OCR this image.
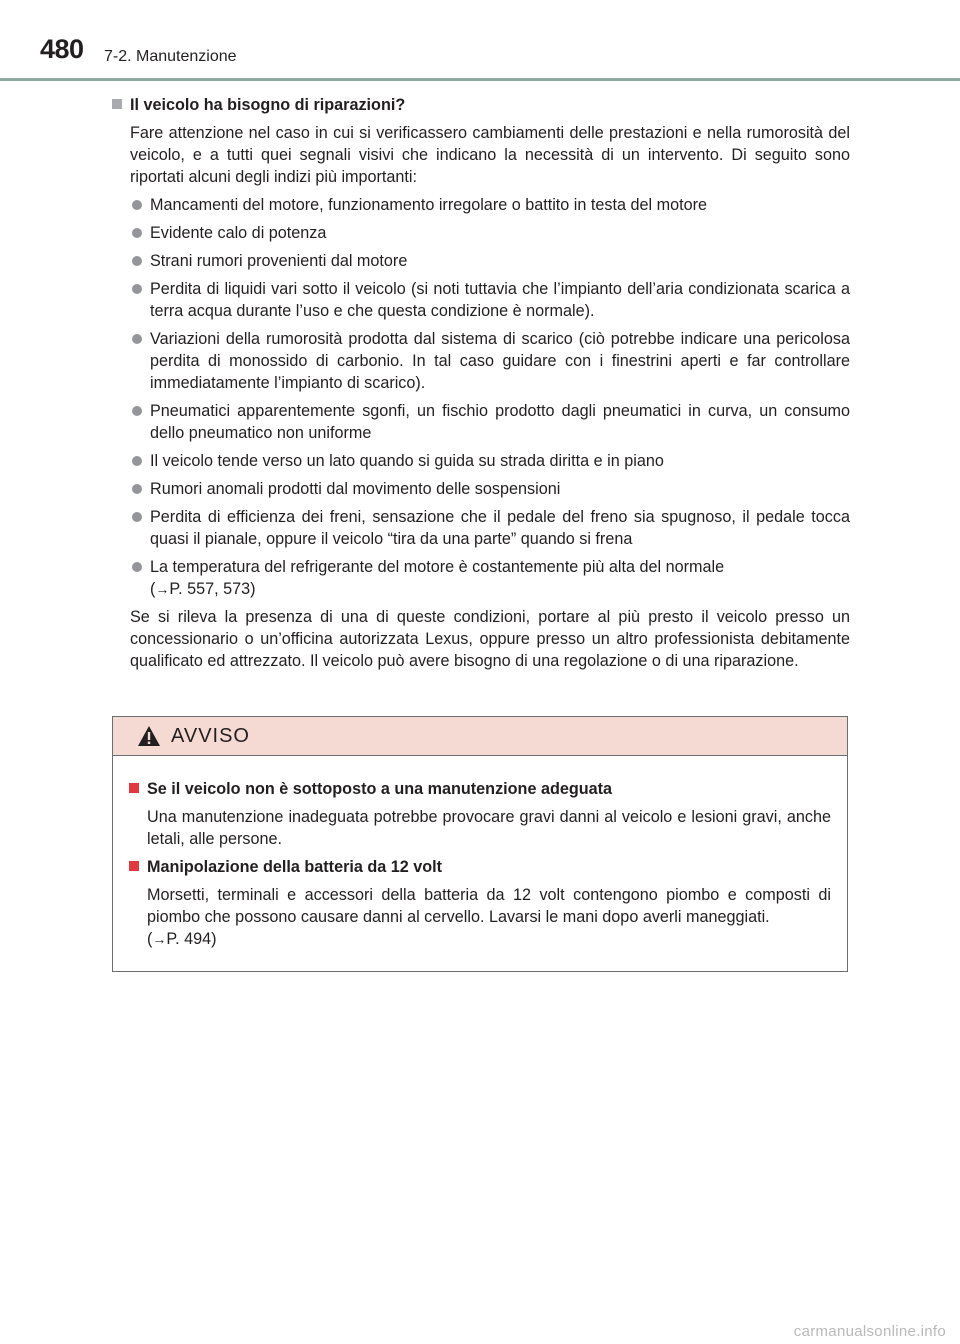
480 7-2. Manutenzione
Il veicolo ha bisogno di riparazioni?

Fare attenzione nel caso in cui si verificassero cambiamenti delle prestazioni e nella rumorosità del veicolo, e a tutti quei segnali visivi che indicano la necessità di un intervento. Di seguito sono riportati alcuni degli indizi più importanti:

Mancamenti del motore, funzionamento irregolare o battito in testa del motore
Evidente calo di potenza
Strani rumori provenienti dal motore
Perdita di liquidi vari sotto il veicolo (si noti tuttavia che l’impianto dell’aria condizionata scarica a terra acqua durante l’uso e che questa condizione è normale).
Variazioni della rumorosità prodotta dal sistema di scarico (ciò potrebbe indicare una pericolosa perdita di monossido di carbonio. In tal caso guidare con i finestrini aperti e far controllare immediatamente l’impianto di scarico).
Pneumatici apparentemente sgonfi, un fischio prodotto dagli pneumatici in curva, un consumo dello pneumatico non uniforme
Il veicolo tende verso un lato quando si guida su strada diritta e in piano
Rumori anomali prodotti dal movimento delle sospensioni
Perdita di efficienza dei freni, sensazione che il pedale del freno sia spugnoso, il pedale tocca quasi il pianale, oppure il veicolo “tira da una parte” quando si frena
La temperatura del refrigerante del motore è costantemente più alta del normale
(→P. 557, 573)

Se si rileva la presenza di una di queste condizioni, portare al più presto il veicolo presso un concessionario o un’officina autorizzata Lexus, oppure presso un altro professionista debitamente qualificato ed attrezzato. Il veicolo può avere bisogno di una regolazione o di una riparazione.

AVVISO
Se il veicolo non è sottoposto a una manutenzione adeguata

Una manutenzione inadeguata potrebbe provocare gravi danni al veicolo e lesioni gravi, anche letali, alle persone.

Manipolazione della batteria da 12 volt

Morsetti, terminali e accessori della batteria da 12 volt contengono piombo e composti di piombo che possono causare danni al cervello. Lavarsi le mani dopo averli maneggiati.
(→P. 494)

carmanualsonline.info
